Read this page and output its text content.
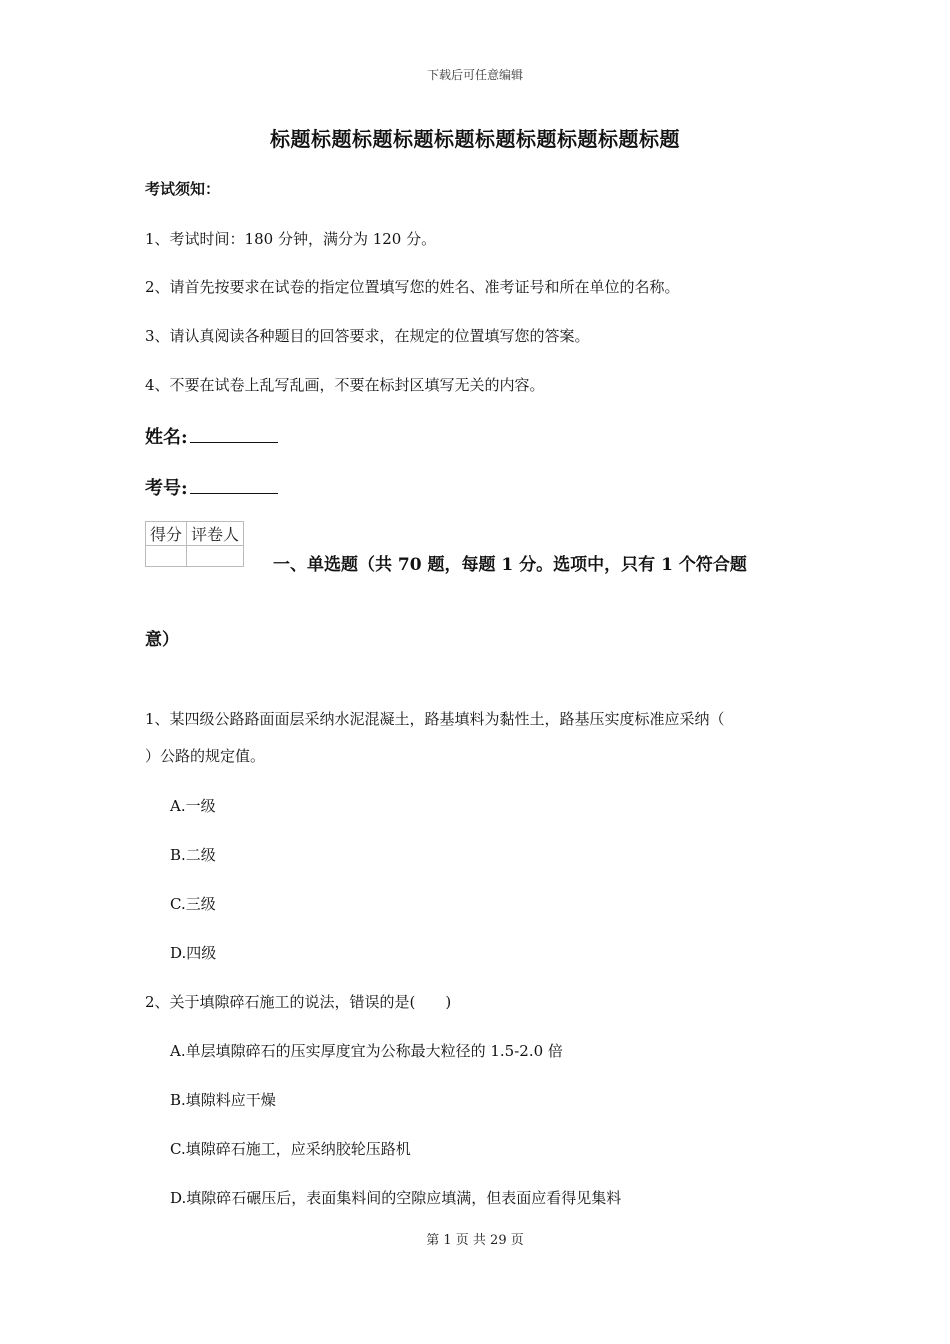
下载后可任意编辑
标题标题标题标题标题标题标题标题标题标题
考试须知：
1、考试时间：180 分钟，满分为 120 分。
2、请首先按要求在试卷的指定位置填写您的姓名、准考证号和所在单位的名称。
3、请认真阅读各种题目的回答要求，在规定的位置填写您的答案。
4、不要在试卷上乱写乱画，不要在标封区填写无关的内容。
姓名:
考号:
得分	评卷人

一、单选题（共 70 题，每题 1 分。选项中，只有 1 个符合题
意）
1、某四级公路路面面层采纳水泥混凝土，路基填料为黏性土，路基压实度标准应采纳（
）公路的规定值。
A.一级
B.二级
C.三级
D.四级
2、关于填隙碎石施工的说法，错误的是(　　)
A.单层填隙碎石的压实厚度宜为公称最大粒径的 1.5-2.0 倍
B.填隙料应干燥
C.填隙碎石施工，应采纳胶轮压路机
D.填隙碎石碾压后，表面集料间的空隙应填满，但表面应看得见集料
第 1 页 共 29 页
